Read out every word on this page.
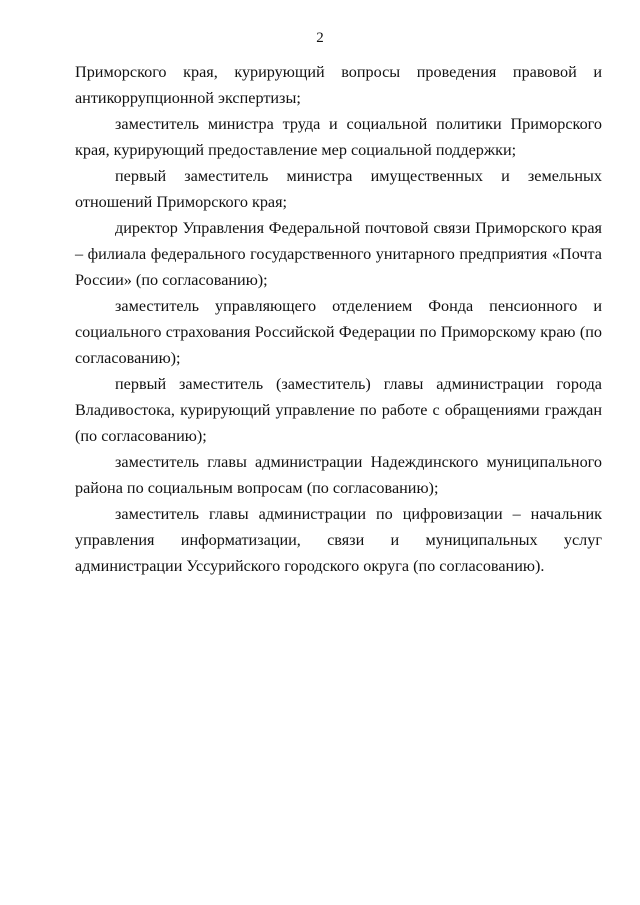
2

Приморского края, курирующий вопросы проведения правовой и антикоррупционной экспертизы;

заместитель министра труда и социальной политики Приморского края, курирующий предоставление мер социальной поддержки;

первый заместитель министра имущественных и земельных отношений Приморского края;

директор Управления Федеральной почтовой связи Приморского края – филиала федерального государственного унитарного предприятия «Почта России» (по согласованию);

заместитель управляющего отделением Фонда пенсионного и социального страхования Российской Федерации по Приморскому краю (по согласованию);

первый заместитель (заместитель) главы администрации города Владивостока, курирующий управление по работе с обращениями граждан (по согласованию);

заместитель главы администрации Надеждинского муниципального района по социальным вопросам (по согласованию);

заместитель главы администрации по цифровизации – начальник управления информатизации, связи и муниципальных услуг администрации Уссурийского городского округа (по согласованию).
